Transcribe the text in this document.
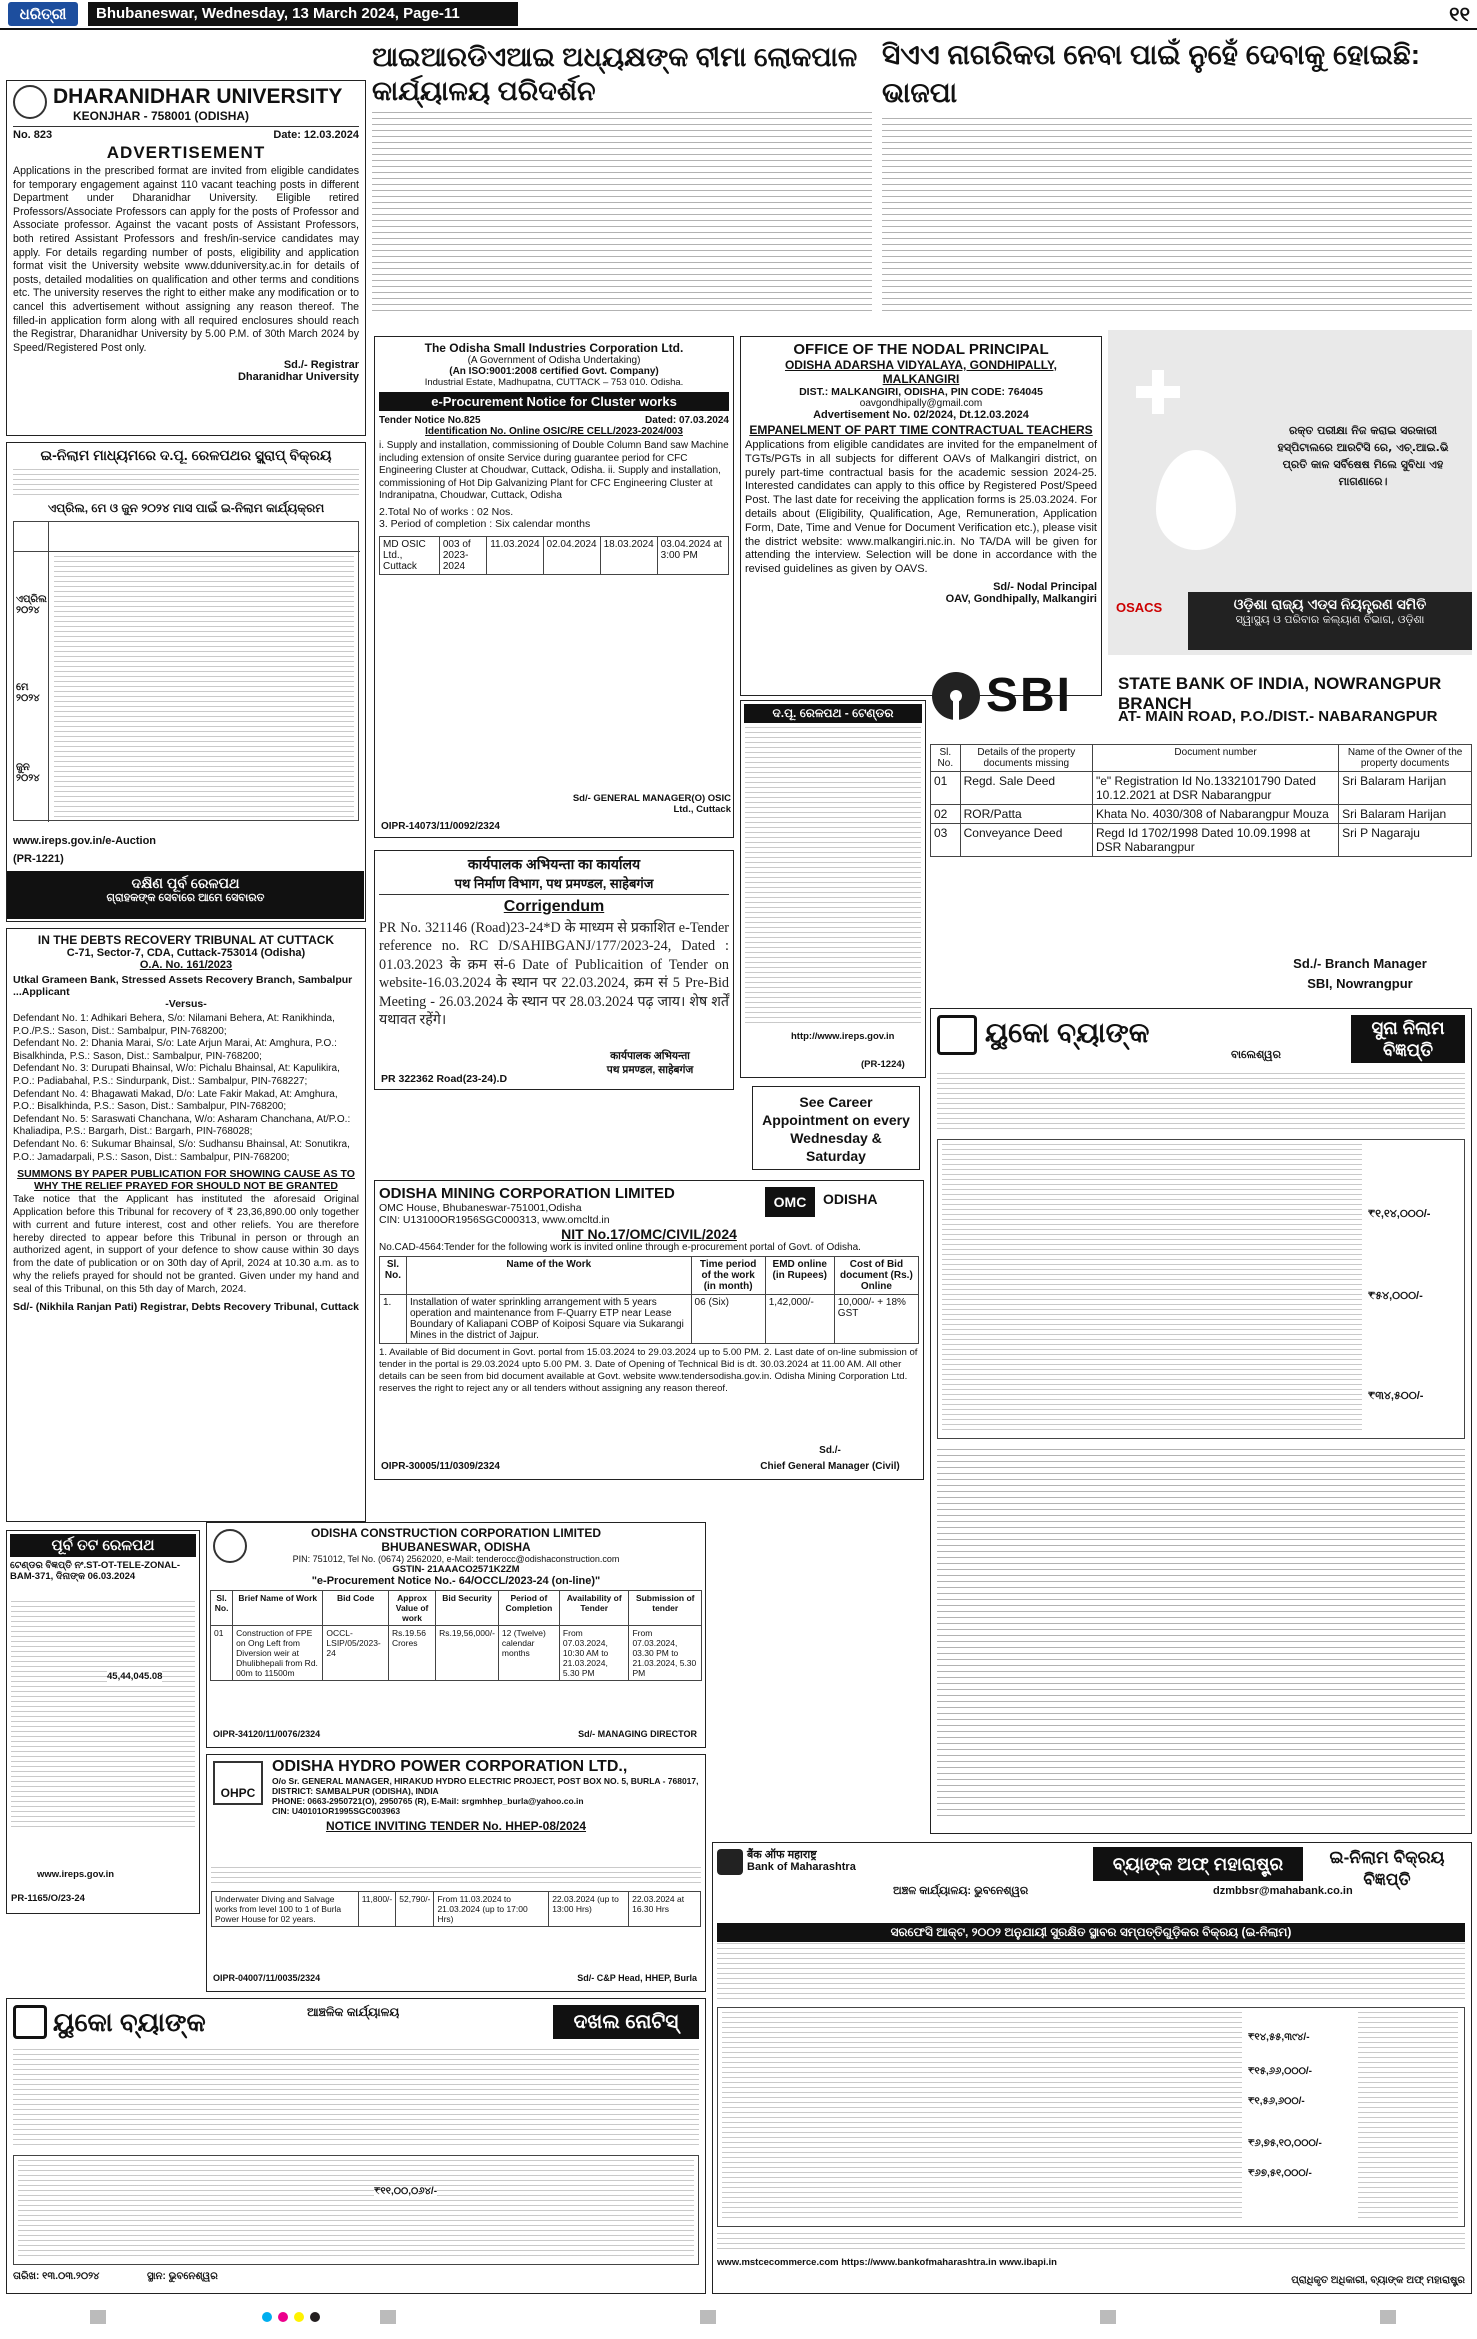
ଧରିତ୍ରୀ	Bhubaneswar, Wednesday, 13 March 2024, Page-11	୧୧
ଆଇଆରଡିଏଆଇ ଅଧ୍ୟକ୍ଷଙ୍କ ବୀମା ଲୋକପାଳ କାର୍ଯ୍ୟାଳୟ ପରିଦର୍ଶନ
ସିଏଏ ନାଗରିକତା ନେବା ପାଇଁ ନୁହେଁ ଦେବାକୁ ହୋଇଛି: ଭାଜପା
DHARANIDHAR UNIVERSITY
KEONJHAR - 758001 (ODISHA)
No. 823	Date: 12.03.2024
ADVERTISEMENT
Applications in the prescribed format are invited from eligible candidates for temporary engagement against 110 vacant teaching posts in different Department under Dharanidhar University. Eligible retired Professors/Associate Professors can apply for the posts of Professor and Associate professor. Against the vacant posts of Assistant Professors, both retired Assistant Professors and fresh/in-service candidates may apply. For details regarding number of posts, eligibility and application format visit the University website www.dduniversity.ac.in for details of posts, detailed modalities on qualification and other terms and conditions etc. The university reserves the right to either make any modification or to cancel this advertisement without assigning any reason thereof. The filled-in application form along with all required enclosures should reach the Registrar, Dharanidhar University by 5.00 P.M. of 30th March 2024 by Speed/Registered Post only.
Sd./- Registrar
Dharanidhar University
ଇ-ନିଲାମ ମାଧ୍ୟମରେ ଦ.ପୂ. ରେଳପଥର ସ୍କ୍ରାପ୍ ବିକ୍ରୟ
ଏପ୍ରିଲ, ମେ ଓ ଜୁନ ୨୦୨୪ ମାସ ପାଇଁ ଇ-ନିଲାମ କାର୍ଯ୍ୟକ୍ରମ
ଏପ୍ରିଲ ୨୦୨୪
ମେ ୨୦୨୪
ଜୁନ ୨୦୨୪
www.ireps.gov.in/e-Auction
(PR-1221)
ଦକ୍ଷିଣ ପୂର୍ବ ରେଳପଥ
ଗ୍ରାହକଙ୍କ ସେବାରେ ଆମେ ସେବାରତ
IN THE DEBTS RECOVERY TRIBUNAL AT CUTTACK
C-71, Sector-7, CDA, Cuttack-753014 (Odisha)
O.A. No. 161/2023
Utkal Grameen Bank, Stressed Assets Recovery Branch, Sambalpur ...Applicant
-Versus-
Defendant No. 1: Adhikari Behera, S/o: Nilamani Behera, At: Ranikhinda, P.O./P.S.: Sason, Dist.: Sambalpur, PIN-768200;
Defendant No. 2: Dhania Marai, S/o: Late Arjun Marai, At: Amghura, P.O.: Bisalkhinda, P.S.: Sason, Dist.: Sambalpur, PIN-768200;
Defendant No. 3: Durupati Bhainsal, W/o: Pichalu Bhainsal, At: Kapulikira, P.O.: Padiabahal, P.S.: Sindurpank, Dist.: Sambalpur, PIN-768227;
Defendant No. 4: Bhagawati Makad, D/o: Late Fakir Makad, At: Amghura, P.O.: Bisalkhinda, P.S.: Sason, Dist.: Sambalpur, PIN-768200;
Defendant No. 5: Saraswati Chanchana, W/o: Asharam Chanchana, At/P.O.: Khaliadipa, P.S.: Bargarh, Dist.: Bargarh, PIN-768028;
Defendant No. 6: Sukumar Bhainsal, S/o: Sudhansu Bhainsal, At: Sonutikra, P.O.: Jamadarpali, P.S.: Sason, Dist.: Sambalpur, PIN-768200;
SUMMONS BY PAPER PUBLICATION FOR SHOWING CAUSE AS TO WHY THE RELIEF PRAYED FOR SHOULD NOT BE GRANTED
Take notice that the Applicant has instituted the aforesaid Original Application before this Tribunal for recovery of ₹ 23,36,890.00 only together with current and future interest, cost and other reliefs. You are therefore hereby directed to appear before this Tribunal in person or through an authorized agent, in support of your defence to show cause within 30 days from the date of publication or on 30th day of April, 2024 at 10.30 a.m. as to why the reliefs prayed for should not be granted. Given under my hand and seal of this Tribunal, on this 5th day of March, 2024.
Sd/- (Nikhila Ranjan Pati) Registrar, Debts Recovery Tribunal, Cuttack
The Odisha Small Industries Corporation Ltd.
(A Government of Odisha Undertaking)
(An ISO:9001:2008 certified Govt. Company)
Industrial Estate, Madhupatna, CUTTACK – 753 010. Odisha.
e-Procurement Notice for Cluster works
Tender Notice No.825	Dated: 07.03.2024
Identification No. Online OSIC/RE CELL/2023-2024/003
i. Supply and installation, commissioning of Double Column Band saw Machine including extension of onsite Service during guarantee period for CFC Engineering Cluster at Choudwar, Cuttack, Odisha. ii. Supply and installation, commissioning of Hot Dip Galvanizing Plant for CFC Engineering Cluster at Indranipatna, Choudwar, Cuttack, Odisha
2.Total No of works : 02 Nos.
3. Period of completion : Six calendar months
MD OSIC Ltd., Cuttack	003 of 2023-2024	11.03.2024	02.04.2024	18.03.2024	03.04.2024 at 3:00 PM
Sd/- GENERAL MANAGER(O) OSIC Ltd., Cuttack
OIPR-14073/11/0092/2324
OFFICE OF THE NODAL PRINCIPAL
ODISHA ADARSHA VIDYALAYA, GONDHIPALLY, MALKANGIRI
DIST.: MALKANGIRI, ODISHA, PIN CODE: 764045
oavgondhipally@gmail.com
Advertisement No. 02/2024, Dt.12.03.2024
EMPANELMENT OF PART TIME CONTRACTUAL TEACHERS
Applications from eligible candidates are invited for the empanelment of TGTs/PGTs in all subjects for different OAVs of Malkangiri district, on purely part-time contractual basis for the academic session 2024-25. Interested candidates can apply to this office by Registered Post/Speed Post. The last date for receiving the application forms is 25.03.2024. For details about (Eligibility, Qualification, Age, Remuneration, Application Form, Date, Time and Venue for Document Verification etc.), please visit the district website: www.malkangiri.nic.in. No TA/DA will be given for attending the interview. Selection will be done in accordance with the revised guidelines as given by OAVS.
Sd/- Nodal Principal
OAV, Gondhipally, Malkangiri
ରକ୍ତ ପରୀକ୍ଷା ନିଜ କରାଇ ସରକାରୀ ହସ୍ପିଟାଲରେ ଆରଟିସି ରେ, ଏଚ୍.ଆଇ.ଭି ପ୍ରତି କାଳ ସର୍ବିଷେଷ ମିଲେ ସୁବିଧା ଏହ ମାଗଣାରେ।
OSACS	ଓଡ଼ିଶା ରାଜ୍ୟ ଏଡ୍ସ ନିୟନ୍ତ୍ରଣ ସମିତି
ସ୍ୱାସ୍ଥ୍ୟ ଓ ପରିବାର କଲ୍ୟାଣ ବିଭାଗ, ଓଡ଼ିଶା
ଦ.ପୂ. ରେଳପଥ - ଟେଣ୍ଡର
http://www.ireps.gov.in
(PR-1224)
SBI	STATE BANK OF INDIA, NOWRANGPUR BRANCH
AT- MAIN ROAD, P.O./DIST.- NABARANGPUR
Sl. No.	Details of the property documents missing	Document number	Name of the Owner of the property documents
01	Regd. Sale Deed	"e" Registration Id No.1332101790 Dated 10.12.2021 at DSR Nabarangpur	Sri Balaram Harijan
02	ROR/Patta	Khata No. 4030/308 of Nabarangpur Mouza	Sri Balaram Harijan
03	Conveyance Deed	Regd Id 1702/1998 Dated 10.09.1998 at DSR Nabarangpur	Sri P Nagaraju
Sd./- Branch Manager
SBI, Nowrangpur
कार्यपालक अभियन्ता का कार्यालय
पथ निर्माण विभाग, पथ प्रमण्डल, साहेबगंज
Corrigendum
PR No. 321146 (Road)23-24*D के माध्यम से प्रकाशित e-Tender reference no. RC D/SAHIBGANJ/177/2023-24, Dated : 01.03.2023 के क्रम सं-6 Date of Publicaition of Tender on website-16.03.2024 के स्थान पर 22.03.2024, क्रम सं 5 Pre-Bid Meeting - 26.03.2024 के स्थान पर 28.03.2024 पढ़ जाय। शेष शर्तें यथावत रहेंगे।
कार्यपालक अभियन्ता
पथ प्रमण्डल, साहेबगंज
PR 322362 Road(23-24).D
See Career Appointment on every Wednesday & Saturday
ୟୁକୋ ବ୍ୟାଙ୍କ	ସୁନା ନିଲାମ ବିଜ୍ଞପ୍ତି
ବାଲେଶ୍ୱର
₹୧,୧୪,୦୦୦/-
₹୫୪,୦୦୦/-
₹୩୪,୫୦୦/-
ODISHA MINING CORPORATION LIMITED
OMC House, Bhubaneswar-751001,Odisha
CIN: U13100OR1956SGC000313, www.omcltd.in
OMC	ODISHA
NIT No.17/OMC/CIVIL/2024
No.CAD-4564:Tender for the following work is invited online through e-procurement portal of Govt. of Odisha.
Sl. No.	Name of the Work	Time period of the work (in month)	EMD online (in Rupees)	Cost of Bid document (Rs.) Online
1.	Installation of water sprinkling arrangement with 5 years operation and maintenance from F-Quarry ETP near Lease Boundary of Kaliapani COBP of Koiposi Square via Sukarangi Mines in the district of Jajpur.	06 (Six)	1,42,000/-	10,000/- + 18% GST
1. Available of Bid document in Govt. portal from 15.03.2024 to 29.03.2024 up to 5.00 PM. 2. Last date of on-line submission of tender in the portal is 29.03.2024 upto 5.00 PM. 3. Date of Opening of Technical Bid is dt. 30.03.2024 at 11.00 AM. All other details can be seen from bid document available at Govt. website www.tendersodisha.gov.in. Odisha Mining Corporation Ltd. reserves the right to reject any or all tenders without assigning any reason thereof.
OIPR-30005/11/0309/2324
Sd./-
Chief General Manager (Civil)
ପୂର୍ବ ତଟ ରେଳପଥ
ଟେଣ୍ଡର ବିଜ୍ଞପ୍ତି ନଂ.ST-OT-TELE-ZONAL-BAM-371, ଦିନାଙ୍କ 06.03.2024
45,44,045.08
www.ireps.gov.in
PR-1165/O/23-24
ODISHA CONSTRUCTION CORPORATION LIMITED
BHUBANESWAR, ODISHA
PIN: 751012, Tel No. (0674) 2562020, e-Mail: tenderocc@odishaconstruction.com
GSTIN- 21AAACO2571K2ZM
"e-Procurement Notice No.- 64/OCCL/2023-24 (on-line)"
Sl. No.	Brief Name of Work	Bid Code	Approx Value of work	Bid Security	Period of Completion	Availability of Tender	Submission of tender
01	Construction of FPE on Ong Left from Diversion weir at Dhulibhepali from Rd. 00m to 11500m	OCCL-LSIP/05/2023-24	Rs.19.56 Crores	Rs.19,56,000/-	12 (Twelve) calendar months	From 07.03.2024, 10:30 AM to 21.03.2024, 5.30 PM	From 07.03.2024, 03.30 PM to 21.03.2024, 5.30 PM
OIPR-34120/11/0076/2324	Sd/- MANAGING DIRECTOR
OHPC
ODISHA HYDRO POWER CORPORATION LTD.,
O/o Sr. GENERAL MANAGER, HIRAKUD HYDRO ELECTRIC PROJECT, POST BOX NO. 5, BURLA - 768017, DISTRICT: SAMBALPUR (ODISHA), INDIA
PHONE: 0663-2950721(O), 2950765 (R), E-Mail: srgmhhep_burla@yahoo.co.in
CIN: U40101OR1995SGC003963
NOTICE INVITING TENDER No. HHEP-08/2024
Underwater Diving and Salvage works from level 100 to 1 of Burla Power House for 02 years.	11,800/-	52,790/-	From 11.03.2024 to 21.03.2024 (up to 17:00 Hrs)	22.03.2024 (up to 13:00 Hrs)	22.03.2024 at 16.30 Hrs
OIPR-04007/11/0035/2324	Sd/- C&P Head, HHEP, Burla
ୟୁକୋ ବ୍ୟାଙ୍କ	ଆଞ୍ଚଳିକ କାର୍ଯ୍ୟାଳୟ	ଦଖଲ ନୋଟିସ୍
₹୧୧,୦୦,୦୬୪/-
ତାରିଖ: ୧୩.୦୩.୨୦୨୪	ସ୍ଥାନ: ଭୁବନେଶ୍ୱର
बैंक ऑफ महाराष्ट्र
Bank of Maharashtra	ବ୍ୟାଙ୍କ ଅଫ୍ ମହାରାଷ୍ଟ୍ର	ଇ-ନିଲାମ ବିକ୍ରୟ ବିଜ୍ଞପ୍ତି
ଅଞ୍ଚଳ କାର୍ଯ୍ୟାଳୟ: ଭୁବନେଶ୍ୱର	dzmbbsr@mahabank.co.in
ସରଫେସି ଆକ୍ଟ, ୨୦୦୨ ଅନୁଯାୟୀ ସୁରକ୍ଷିତ ସ୍ଥାବର ସମ୍ପତ୍ତିଗୁଡ଼ିକର ବିକ୍ରୟ (ଇ-ନିଲାମ)
₹୧୪,୫୫,୩୯୪/-
₹୧୫,୬୬,୦୦୦/-
₹୧,୫୬,୬୦୦/-
₹୬,୭୫,୧୦,୦୦୦/-
₹୬୭,୫୧,୦୦୦/-
www.mstcecommerce.com https://www.bankofmaharashtra.in www.ibapi.in
ପ୍ରାଧିକୃତ ଅଧିକାରୀ, ବ୍ୟାଙ୍କ ଅଫ୍ ମହାରାଷ୍ଟ୍ର
